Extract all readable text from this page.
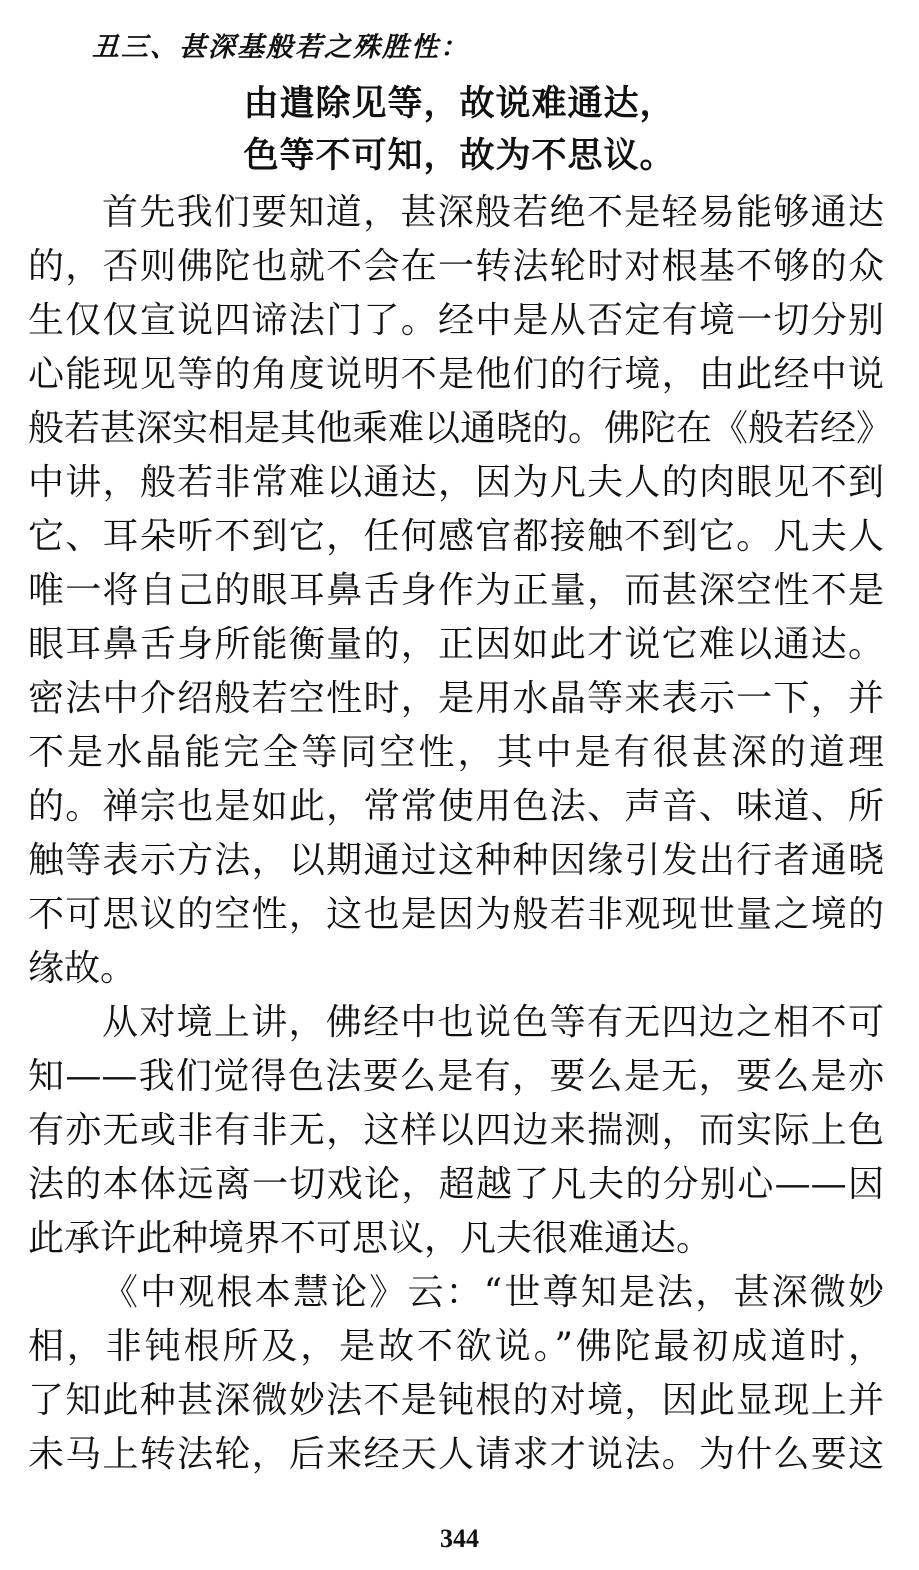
丑三、甚深基般若之殊胜性：
由遣除见等，故说难通达，
色等不可知，故为不思议。

首先我们要知道，甚深般若绝不是轻易能够通达
的，否则佛陀也就不会在一转法轮时对根基不够的众
生仅仅宣说四谛法门了。经中是从否定有境一切分别
心能现见等的角度说明不是他们的行境，由此经中说
般若甚深实相是其他乘难以通晓的。佛陀在《般若经》
中讲，般若非常难以通达，因为凡夫人的肉眼见不到
它、耳朵听不到它，任何感官都接触不到它。凡夫人
唯一将自己的眼耳鼻舌身作为正量，而甚深空性不是
眼耳鼻舌身所能衡量的，正因如此才说它难以通达。
密法中介绍般若空性时，是用水晶等来表示一下，并
不是水晶能完全等同空性，其中是有很甚深的道理
的。禅宗也是如此，常常使用色法、声音、味道、所
触等表示方法，以期通过这种种因缘引发出行者通晓
不可思议的空性，这也是因为般若非观现世量之境的
缘故。

从对境上讲，佛经中也说色等有无四边之相不可
知——我们觉得色法要么是有，要么是无，要么是亦
有亦无或非有非无，这样以四边来揣测，而实际上色
法的本体远离一切戏论，超越了凡夫的分别心——因
此承许此种境界不可思议，凡夫很难通达。

《中观根本慧论》云：“世尊知是法，甚深微妙
相，非钝根所及，是故不欲说。”佛陀最初成道时，
了知此种甚深微妙法不是钝根的对境，因此显现上并
未马上转法轮，后来经天人请求才说法。为什么要这

344
